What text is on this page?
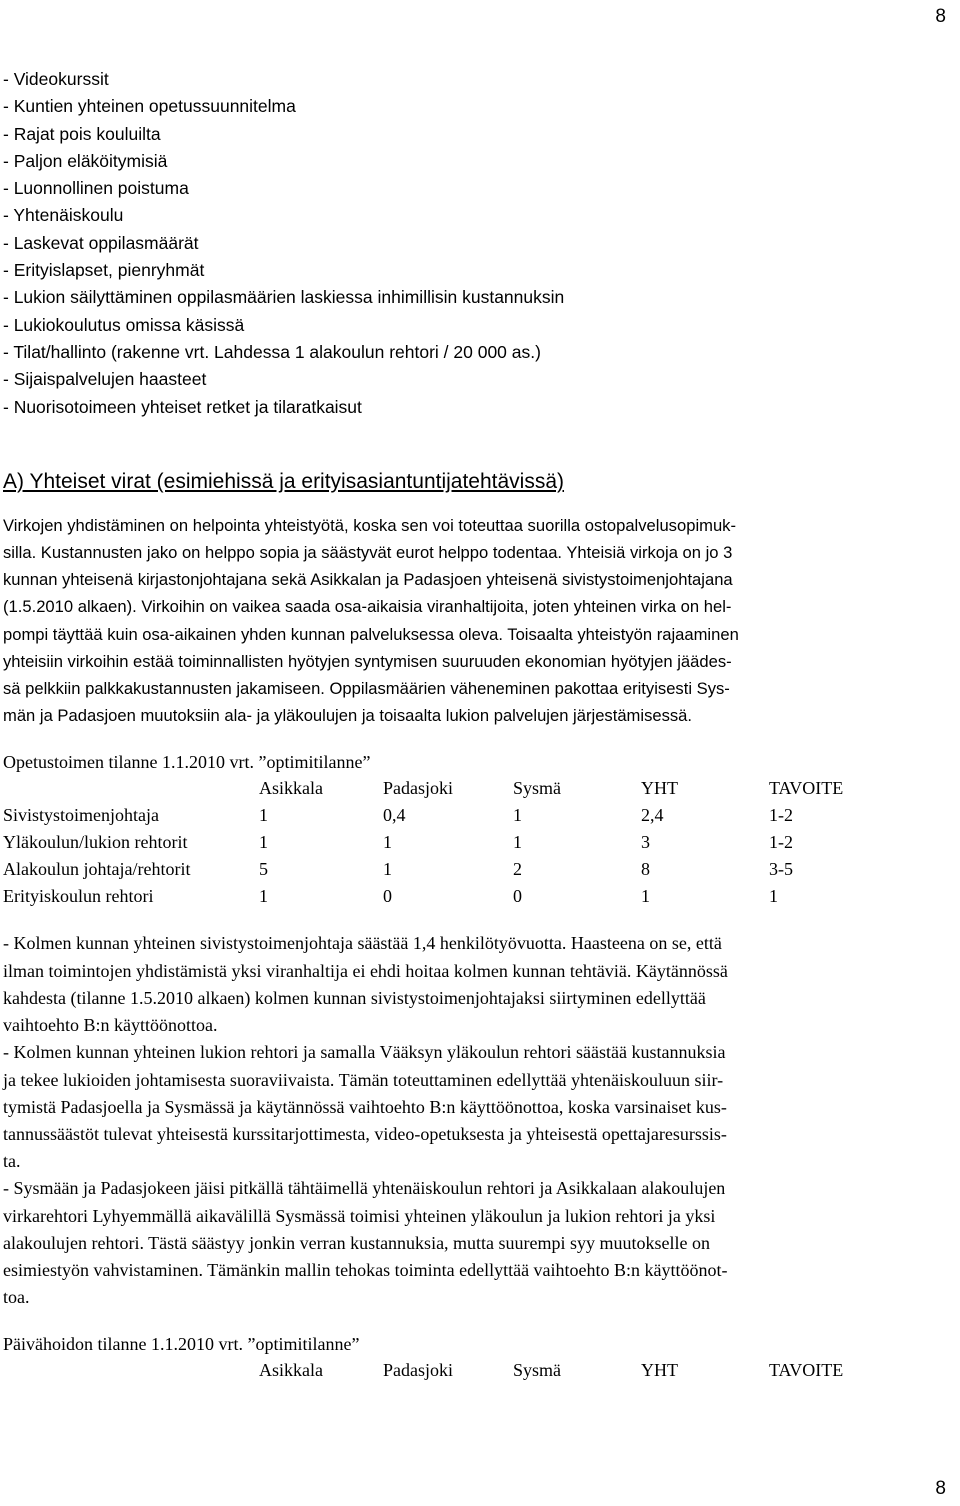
8
- Videokurssit
- Kuntien yhteinen opetussuunnitelma
- Rajat pois kouluilta
- Paljon eläköitymisiä
- Luonnollinen poistuma
- Yhtenäiskoulu
- Laskevat oppilasmäärät
- Erityislapset, pienryhmät
- Lukion säilyttäminen oppilasmäärien laskiessa inhimillisin kustannuksin
- Lukiokoulutus omissa käsissä
- Tilat/hallinto (rakenne vrt. Lahdessa 1 alakoulun rehtori / 20 000 as.)
- Sijaispalvelujen haasteet
- Nuorisotoimeen yhteiset retket ja tilaratkaisut
A) Yhteiset virat (esimiehissä ja erityisasiantuntijatehtävissä)
Virkojen yhdistäminen on helpointa yhteistyötä, koska sen voi toteuttaa suorilla ostopalvelusopimuk-
silla. Kustannusten jako on helppo sopia ja säästyvät eurot helppo todentaa. Yhteisiä virkoja on jo 3
kunnan yhteisenä kirjastonjohtajana sekä Asikkalan ja Padasjoen yhteisenä sivistystoimenjohtajana
(1.5.2010 alkaen). Virkoihin on vaikea saada osa-aikaisia viranhaltijoita, joten yhteinen virka on hel-
pompi täyttää kuin osa-aikainen yhden kunnan palveluksessa oleva. Toisaalta yhteistyön rajaaminen
yhteisiin virkoihin estää toiminnallisten hyötyjen syntymisen suuruuden ekonomian hyötyjen jäädes-
sä pelkkiin palkkakustannusten jakamiseen. Oppilasmäärien väheneminen pakottaa erityisesti Sys-
män ja Padasjoen muutoksiin ala- ja yläkoulujen ja toisaalta lukion palvelujen järjestämisessä.
Opetustoimen tilanne 1.1.2010 vrt. ”optimitilanne”
	Asikkala	Padasjoki	Sysmä	YHT	TAVOITE
Sivistystoimenjohtaja	1	0,4	1	2,4	1-2
Yläkoulun/lukion rehtorit	1	1	1	3	1-2
Alakoulun johtaja/rehtorit	5	1	2	8	3-5
Erityiskoulun rehtori	1	0	0	1	1
- Kolmen kunnan yhteinen sivistystoimenjohtaja säästää 1,4 henkilötyövuotta. Haasteena on se, että
ilman toimintojen yhdistämistä yksi viranhaltija ei ehdi hoitaa kolmen kunnan tehtäviä. Käytännössä
kahdesta (tilanne 1.5.2010 alkaen) kolmen kunnan sivistystoimenjohtajaksi siirtyminen edellyttää
vaihtoehto B:n käyttöönottoa.
- Kolmen kunnan yhteinen lukion rehtori ja samalla Vääksyn yläkoulun rehtori säästää kustannuksia
ja tekee lukioiden johtamisesta suoraviivaista. Tämän toteuttaminen edellyttää yhtenäiskouluun siir-
tymistä Padasjoella ja Sysmässä ja käytännössä vaihtoehto B:n käyttöönottoa, koska varsinaiset kus-
tannussäästöt tulevat yhteisestä kurssitarjottimesta, video-opetuksesta ja yhteisestä opettajaresurssis-
ta.
- Sysmään ja Padasjokeen jäisi pitkällä tähtäimellä yhtenäiskoulun rehtori ja Asikkalaan alakoulujen
virkarehtori Lyhyemmällä aikavälillä Sysmässä toimisi yhteinen yläkoulun ja lukion rehtori ja yksi
alakoulujen rehtori. Tästä säästyy jonkin verran kustannuksia, mutta suurempi syy muutokselle on
esimiestyön vahvistaminen. Tämänkin mallin tehokas toiminta edellyttää vaihtoehto B:n käyttöönot-
toa.
Päivähoidon tilanne 1.1.2010 vrt. ”optimitilanne”
	Asikkala	Padasjoki	Sysmä	YHT	TAVOITE
8
